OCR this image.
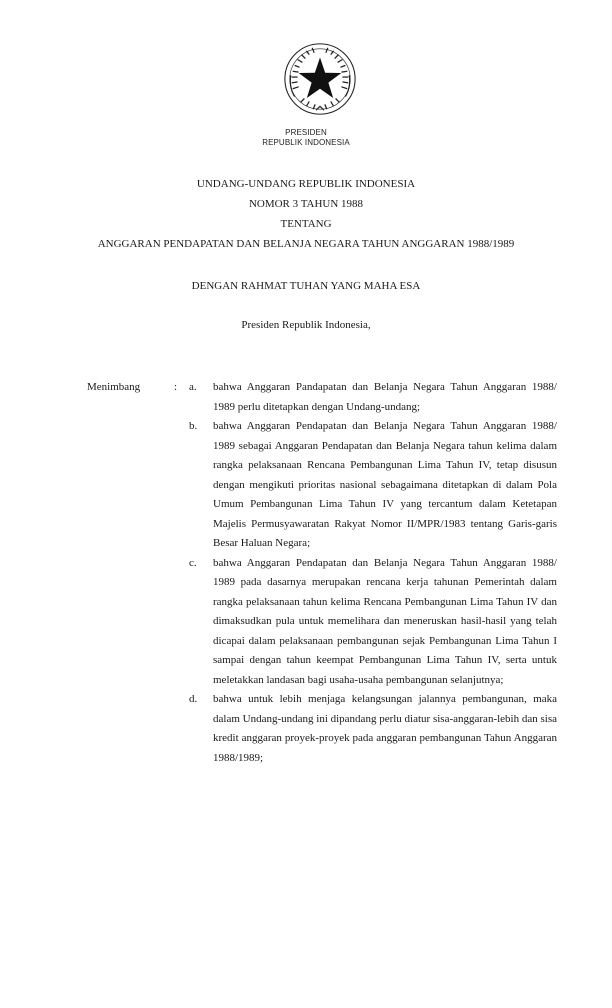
PRESIDEN
REPUBLIK INDONESIA
UNDANG-UNDANG REPUBLIK INDONESIA
NOMOR 3 TAHUN 1988
TENTANG
ANGGARAN PENDAPATAN DAN BELANJA NEGARA TAHUN ANGGARAN 1988/1989
DENGAN RAHMAT TUHAN YANG MAHA ESA
Presiden Republik Indonesia,
Menimbang	: a. bahwa Anggaran Pandapatan dan Belanja Negara Tahun Anggaran 1988/ 1989 perlu ditetapkan dengan Undang-undang;
b. bahwa Anggaran Pendapatan dan Belanja Negara Tahun Anggaran 1988/ 1989 sebagai Anggaran Pendapatan dan Belanja Negara tahun kelima dalam rangka pelaksanaan Rencana Pembangunan Lima Tahun IV, tetap disusun dengan mengikuti prioritas nasional sebagaimana ditetapkan di dalam Pola Umum Pembangunan Lima Tahun IV yang tercantum dalam Ketetapan Majelis Permusyawaratan Rakyat Nomor II/MPR/1983 tentang Garis-garis Besar Haluan Negara;
c. bahwa Anggaran Pendapatan dan Belanja Negara Tahun Anggaran 1988/ 1989 pada dasarnya merupakan rencana kerja tahunan Pemerintah dalam rangka pelaksanaan tahun kelima Rencana Pembangunan Lima Tahun IV dan dimaksudkan pula untuk memelihara dan meneruskan hasil-hasil yang telah dicapai dalam pelaksanaan pembangunan sejak Pembangunan Lima Tahun I sampai dengan tahun keempat Pembangunan Lima Tahun IV, serta untuk meletakkan landasan bagi usaha-usaha pembangunan selanjutnya;
d. bahwa untuk lebih menjaga kelangsungan jalannya pembangunan, maka dalam Undang-undang ini dipandang perlu diatur sisa-anggaran-lebih dan sisa kredit anggaran proyek-proyek pada anggaran pembangunan Tahun Anggaran 1988/1989;
